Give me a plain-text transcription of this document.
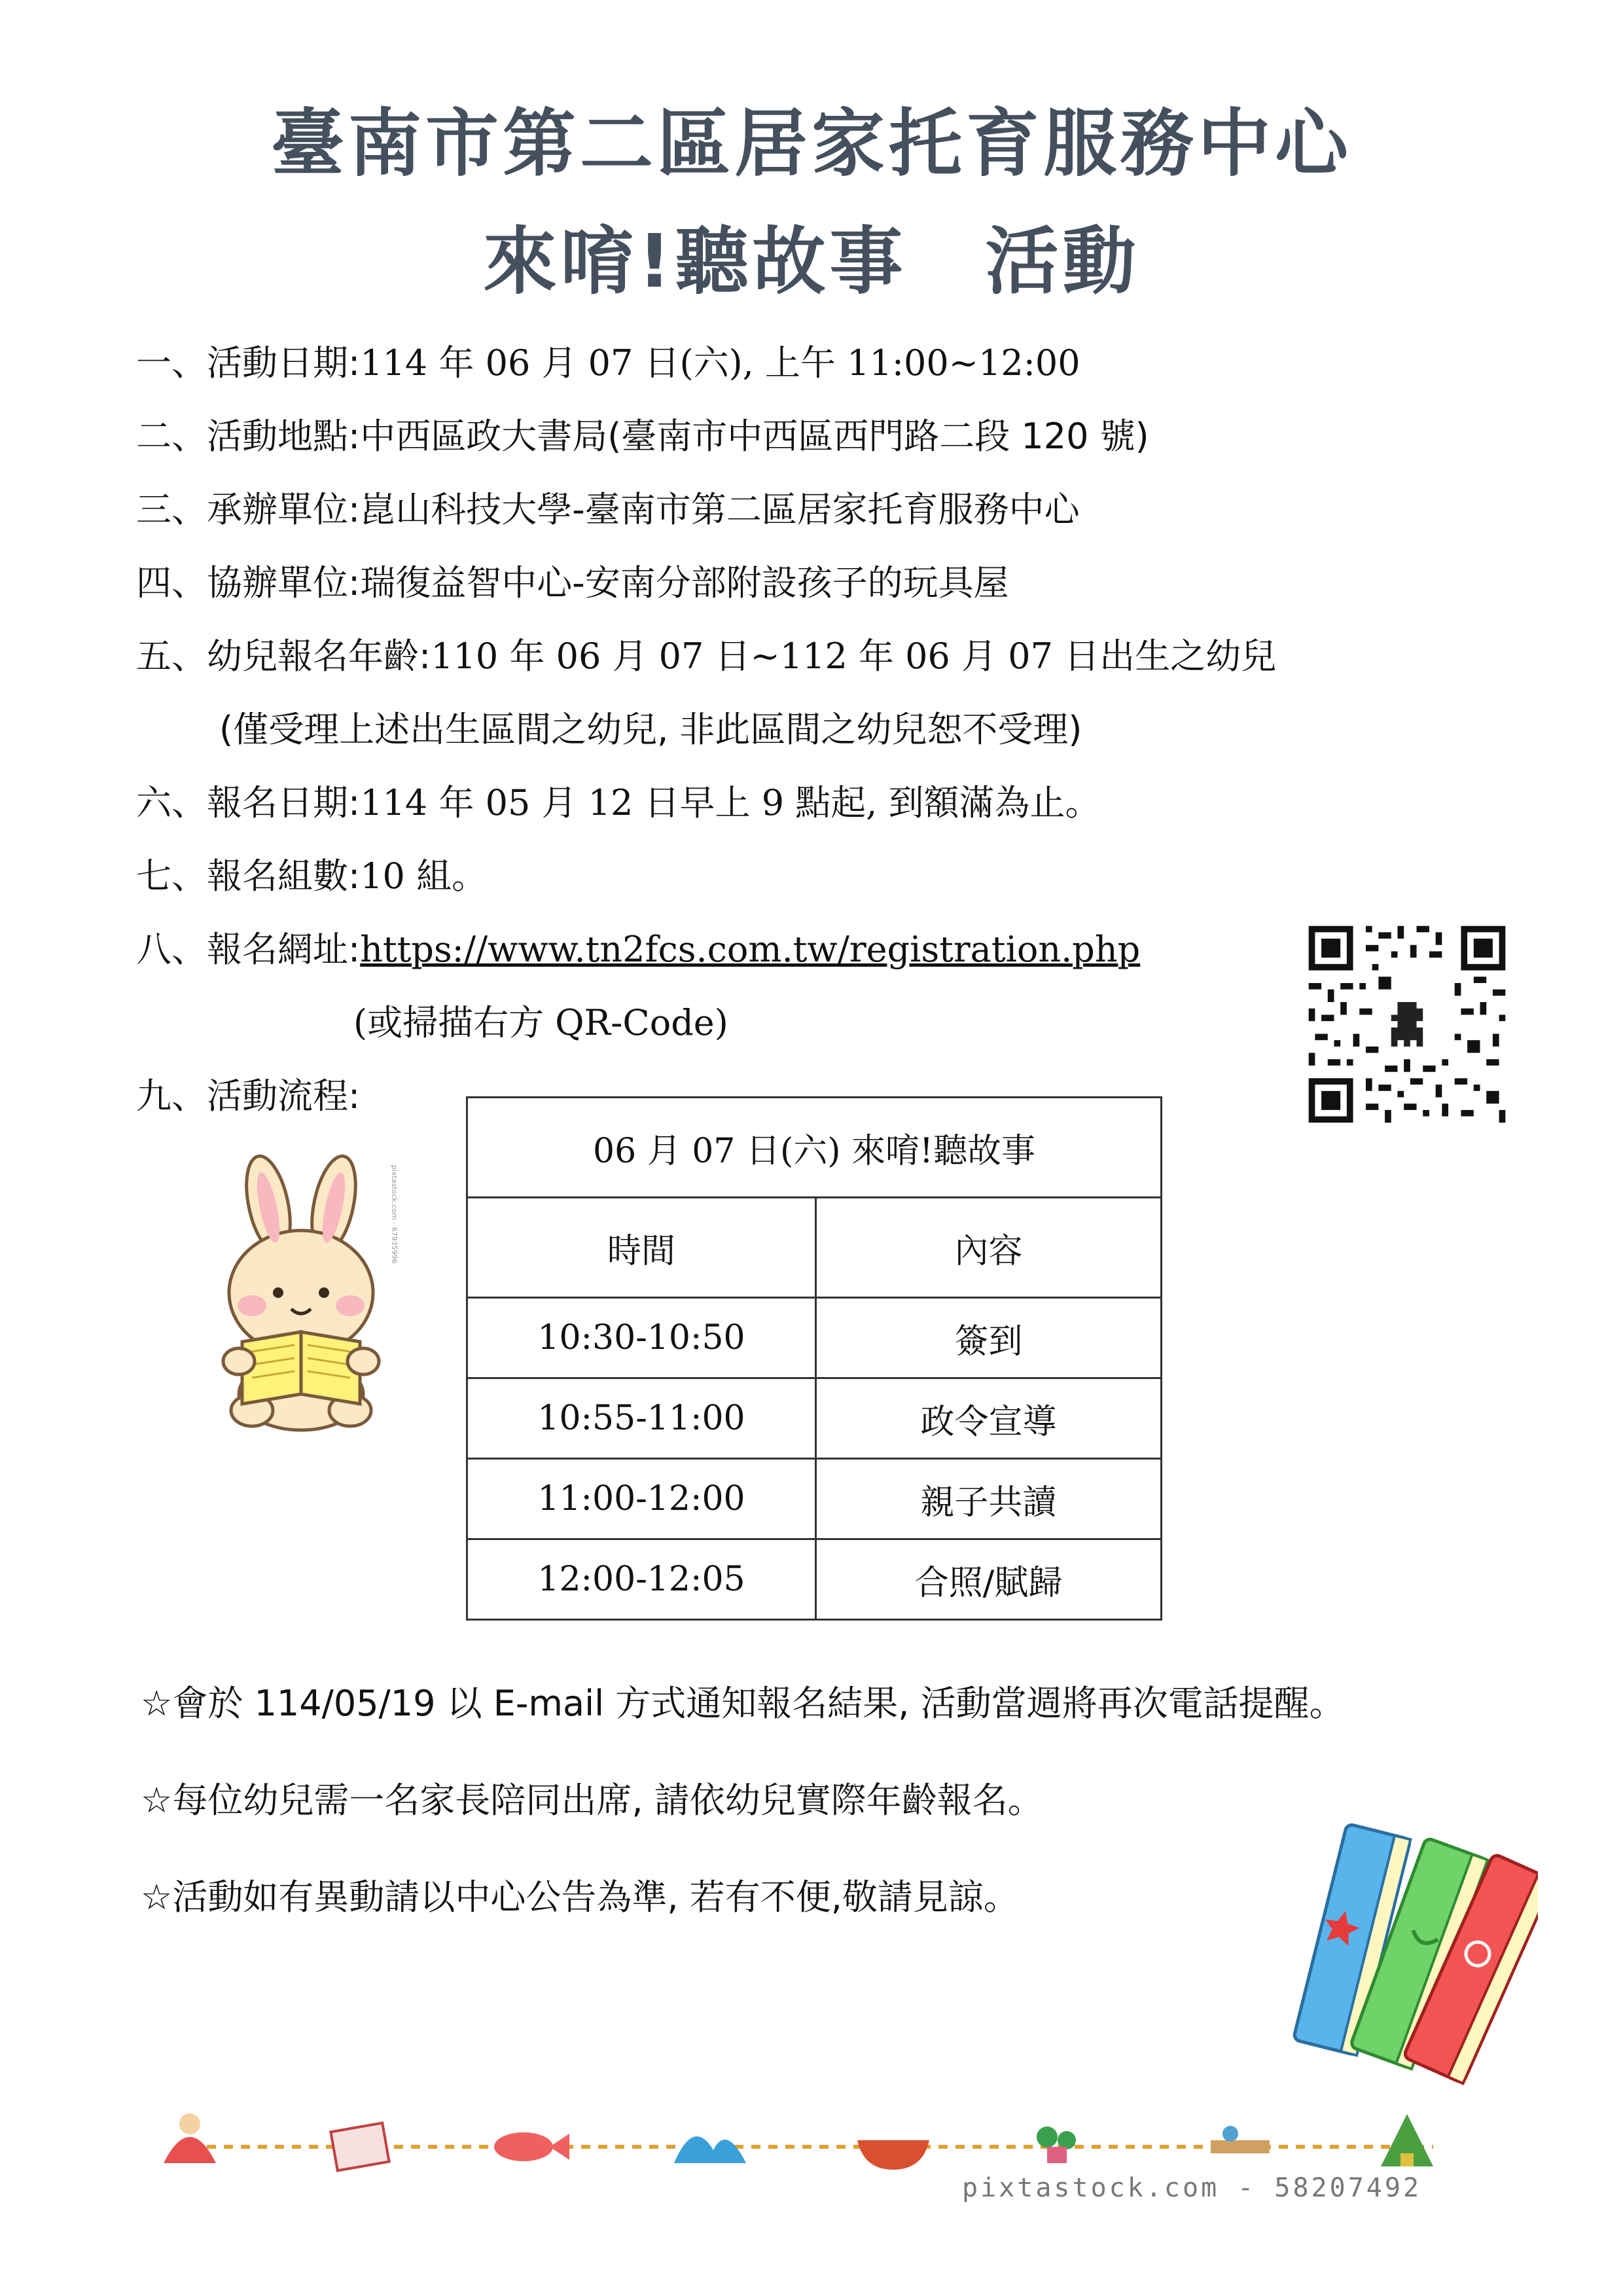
臺南市第二區居家托育服務中心
來唷!聽故事 活動
一、活動日期:114 年 06 月 07 日(六), 上午 11:00~12:00
二、活動地點:中西區政大書局(臺南市中西區西門路二段 120 號)
三、承辦單位:崑山科技大學-臺南市第二區居家托育服務中心
四、協辦單位:瑞復益智中心-安南分部附設孩子的玩具屋
五、幼兒報名年齡:110 年 06 月 07 日~112 年 06 月 07 日出生之幼兒
(僅受理上述出生區間之幼兒, 非此區間之幼兒恕不受理)
六、報名日期:114 年 05 月 12 日早上 9 點起, 到額滿為止。
七、報名組數:10 組。
八、報名網址:https://www.tn2fcs.com.tw/registration.php
(或掃描右方 QR-Code)
九、活動流程:
pixtastock.com - 67935996
06 月 07 日(六) 來唷!聽故事	
時間	內容
10:30-10:50	簽到
10:55-11:00	政令宣導
11:00-12:00	親子共讀
12:00-12:05	合照/賦歸
☆會於 114/05/19 以 E-mail 方式通知報名結果, 活動當週將再次電話提醒。
☆每位幼兒需一名家長陪同出席, 請依幼兒實際年齡報名。
☆活動如有異動請以中心公告為準, 若有不便,敬請見諒。
pixtastock.com - 58207492
